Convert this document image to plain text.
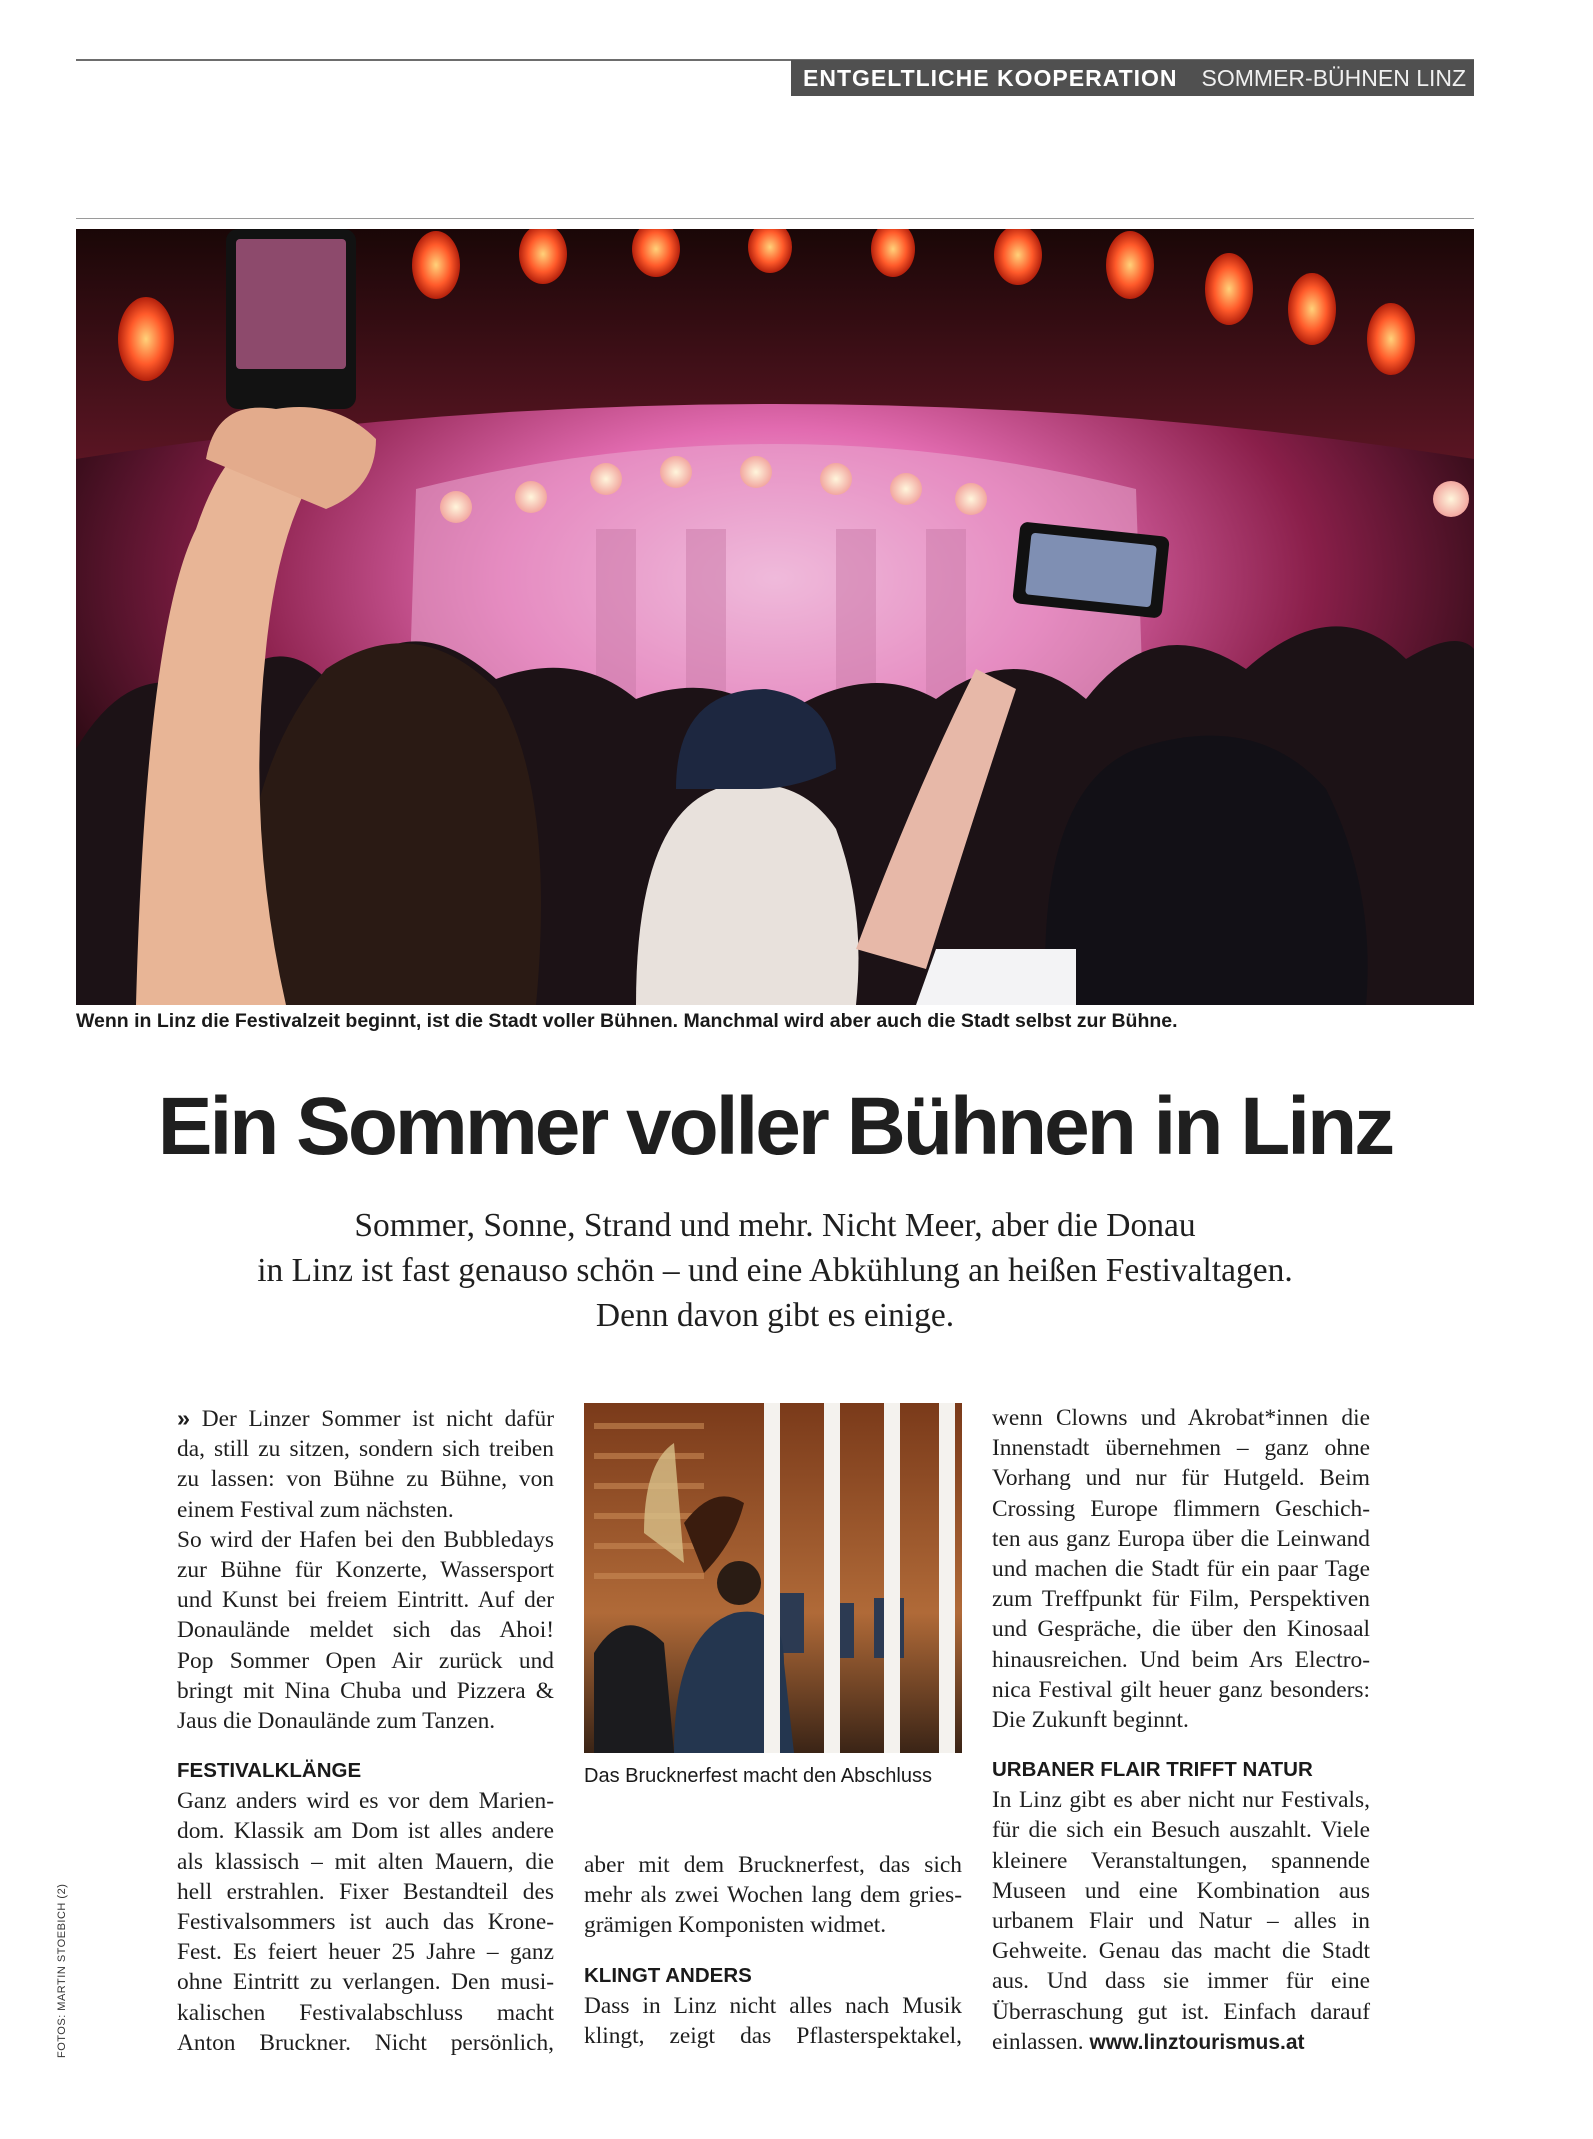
ENTGELTLICHE KOOPERATION	SOMMER-BÜHNEN LINZ
Wenn in Linz die Festivalzeit beginnt, ist die Stadt voller Bühnen. Manchmal wird aber auch die Stadt selbst zur Bühne.
Ein Sommer voller Bühnen in Linz
Sommer, Sonne, Strand und mehr. Nicht Meer, aber die Donau
in Linz ist fast genauso schön – und eine Abkühlung an heißen Festivaltagen.
Denn davon gibt es einige.
» Der Linzer Sommer ist nicht dafür
da, still zu sitzen, sondern sich treiben
zu lassen: von Bühne zu Bühne, von
einem Festival zum nächsten.
So wird der Hafen bei den Bubbledays
zur Bühne für Konzerte, Wassersport
und Kunst bei freiem Eintritt. Auf der
Donaulände meldet sich das Ahoi!
Pop Sommer Open Air zurück und
bringt mit Nina Chuba und Pizzera &
Jaus die Donaulände zum Tanzen.
FESTIVALKLÄNGE
Ganz anders wird es vor dem Marien-
dom. Klassik am Dom ist alles andere
als klassisch – mit alten Mauern, die
hell erstrahlen. Fixer Bestandteil des
Festivalsommers ist auch das Krone-
Fest. Es feiert heuer 25 Jahre – ganz
ohne Eintritt zu verlangen. Den musi-
kalischen Festivalabschluss macht
Anton Bruckner. Nicht persönlich,
Das Brucknerfest macht den Abschluss
aber mit dem Brucknerfest, das sich
mehr als zwei Wochen lang dem gries-
grämigen Komponisten widmet.
KLINGT ANDERS
Dass in Linz nicht alles nach Musik
klingt, zeigt das Pflasterspektakel,
wenn Clowns und Akrobat*innen die
Innenstadt übernehmen – ganz ohne
Vorhang und nur für Hutgeld. Beim
Crossing Europe flimmern Geschich-
ten aus ganz Europa über die Leinwand
und machen die Stadt für ein paar Tage
zum Treffpunkt für Film, Perspektiven
und Gespräche, die über den Kinosaal
hinausreichen. Und beim Ars Electro-
nica Festival gilt heuer ganz besonders:
Die Zukunft beginnt.
URBANER FLAIR TRIFFT NATUR
In Linz gibt es aber nicht nur Festivals,
für die sich ein Besuch auszahlt. Viele
kleinere Veranstaltungen, spannende
Museen und eine Kombination aus
urbanem Flair und Natur – alles in
Gehweite. Genau das macht die Stadt
aus. Und dass sie immer für eine
Überraschung gut ist. Einfach darauf
einlassen. www.linztourismus.at
FOTOS: MARTIN STOEBICH (2)
